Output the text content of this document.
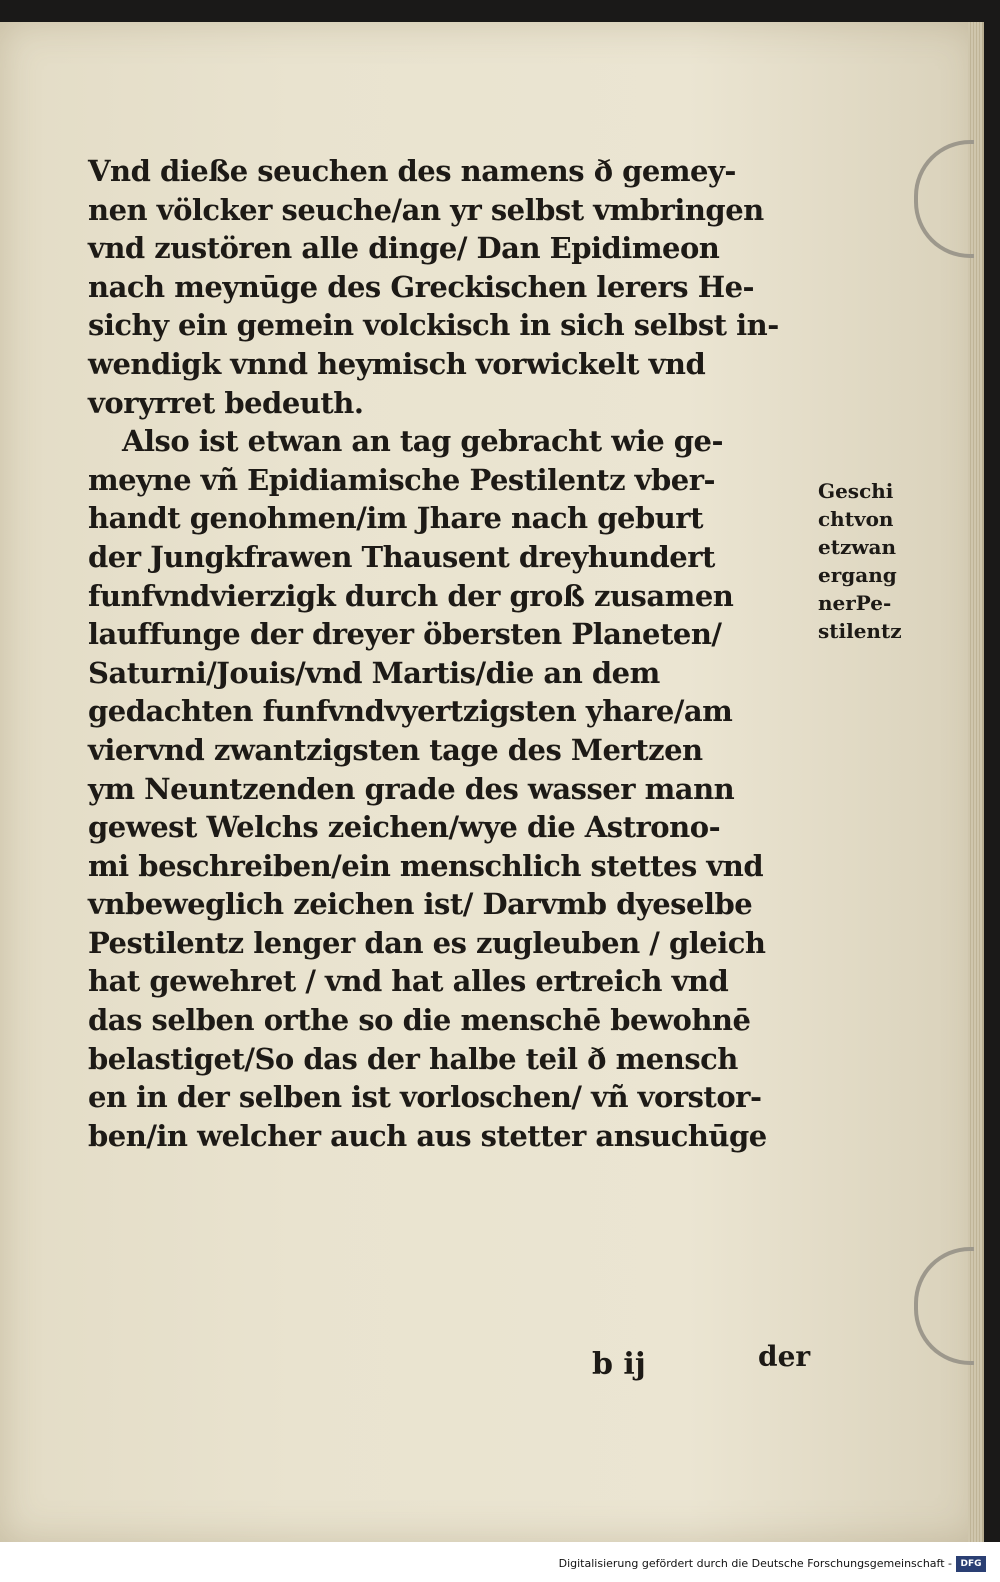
Vnd dieße seuchen des namens ð gemey-
nen völcker seuche/an yr selbst vmbringen
vnd zustören alle dinge/ Dan Epidimeon
nach meynūge des Greckischen lerers He-
sichy ein gemein volckisch in sich selbst in-
wendigk vnnd heymisch vorwickelt vnd
voryrret bedeuth.
Also ist etwan an tag gebracht wie ge-
meyne vñ Epidiamische Pestilentz vber-
handt genohmen/im Jhare nach geburt
der Jungkfrawen Thausent dreyhundert
funfvndvierzigk durch der groß zusamen
lauffunge der dreyer öbersten Planeten/
Saturni/Jouis/vnd Martis/die an dem
gedachten funfvndvyertzigsten yhare/am
viervnd zwantzigsten tage des Mertzen
ym Neuntzenden grade des wasser mann
gewest Welchs zeichen/wye die Astrono-
mi beschreiben/ein menschlich stettes vnd
vnbeweglich zeichen ist/ Darvmb dyeselbe
Pestilentz lenger dan es zugleuben / gleich
hat gewehret / vnd hat alles ertreich vnd
das selben orthe so die menschē bewohnē
belastiget/So das der halbe teil ð mensch
en in der selben ist vorloschen/ vñ vorstor-
ben/in welcher auch aus stetter ansuchūge
Geschi
chtvon
etzwan
ergang
nerPe-
stilentz
b ij	der
Digitalisierung gefördert durch die Deutsche Forschungsgemeinschaft - DFG
